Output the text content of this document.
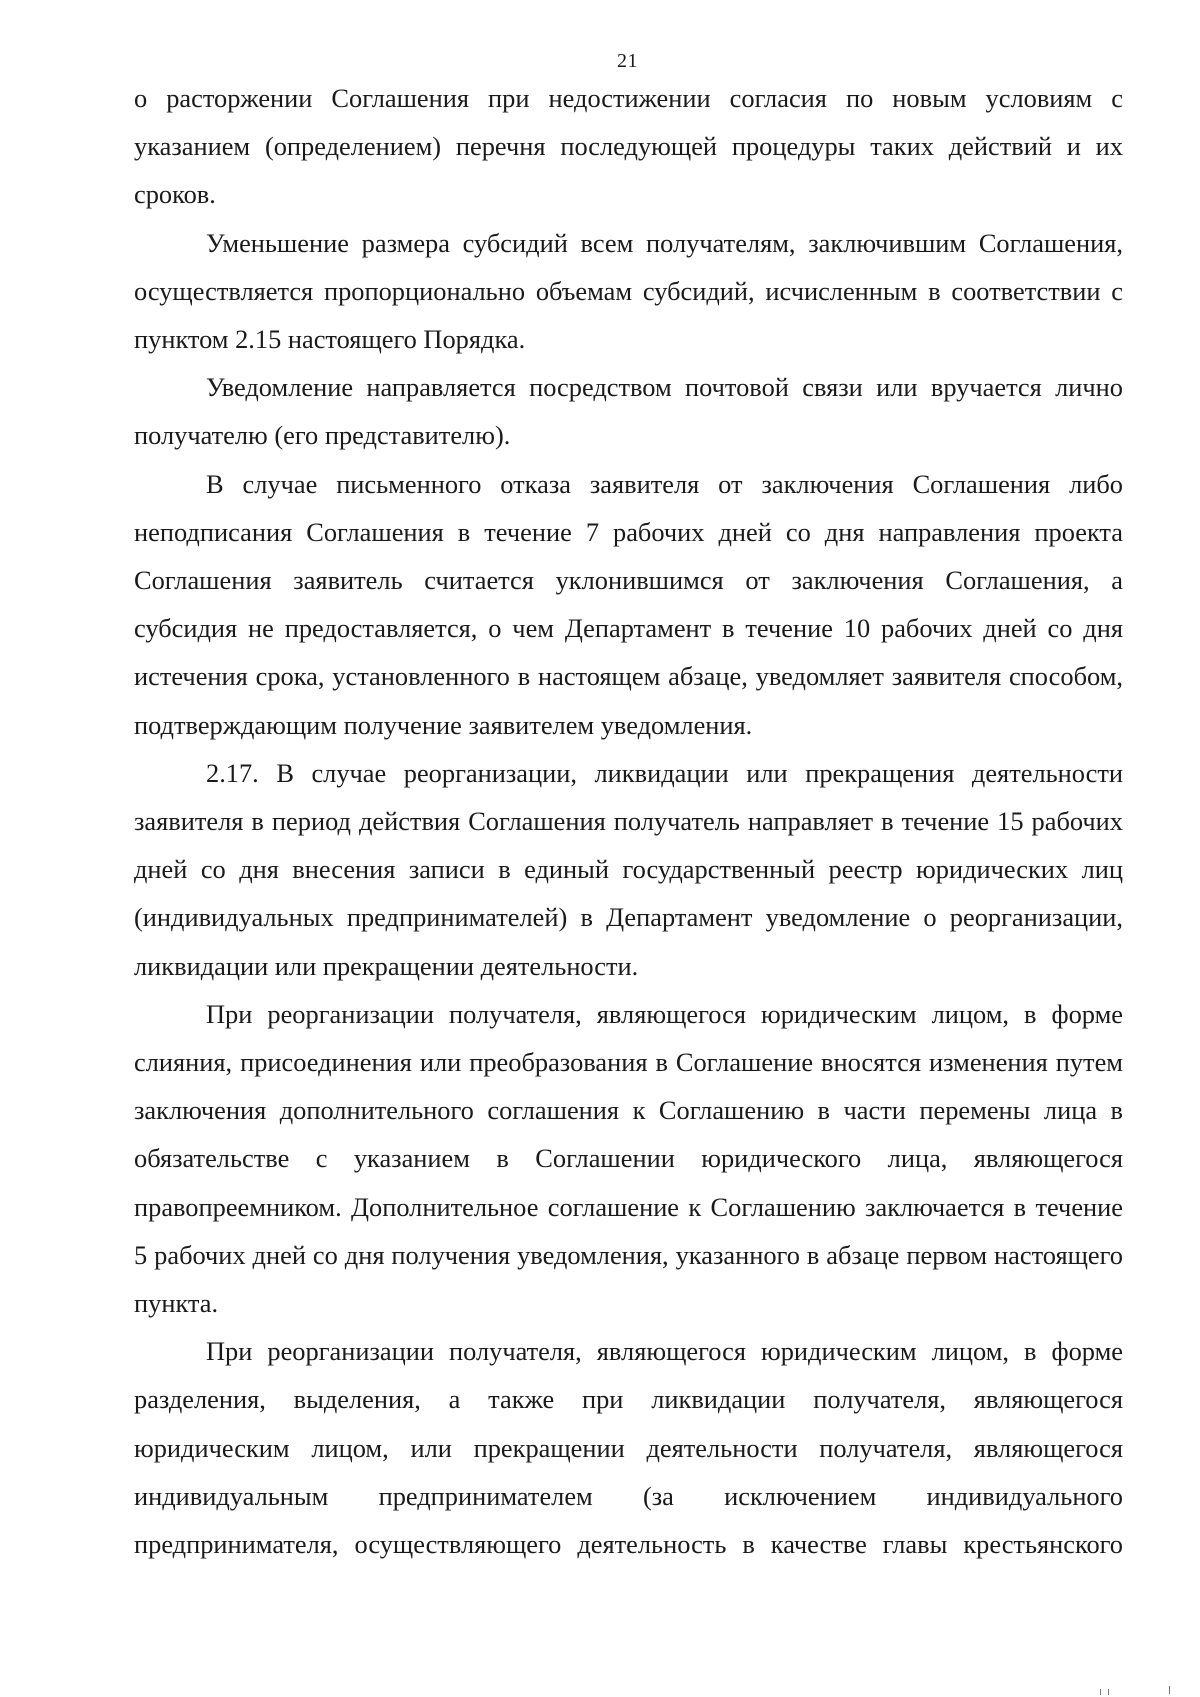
21

о расторжении Соглашения при недостижении согласия по новым условиям с указанием (определением) перечня последующей процедуры таких действий и их сроков.

Уменьшение размера субсидий всем получателям, заключившим Соглашения, осуществляется пропорционально объемам субсидий, исчисленным в соответствии с пунктом 2.15 настоящего Порядка.

Уведомление направляется посредством почтовой связи или вручается лично получателю (его представителю).

В случае письменного отказа заявителя от заключения Соглашения либо неподписания Соглашения в течение 7 рабочих дней со дня направления проекта Соглашения заявитель считается уклонившимся от заключения Соглашения, а субсидия не предоставляется, о чем Департамент в течение 10 рабочих дней со дня истечения срока, установленного в настоящем абзаце, уведомляет заявителя способом, подтверждающим получение заявителем уведомления.

2.17. В случае реорганизации, ликвидации или прекращения деятельности заявителя в период действия Соглашения получатель направляет в течение 15 рабочих дней со дня внесения записи в единый государственный реестр юридических лиц (индивидуальных предпринимателей) в Департамент уведомление о реорганизации, ликвидации или прекращении деятельности.

При реорганизации получателя, являющегося юридическим лицом, в форме слияния, присоединения или преобразования в Соглашение вносятся изменения путем заключения дополнительного соглашения к Соглашению в части перемены лица в обязательстве с указанием в Соглашении юридического лица, являющегося правопреемником. Дополнительное соглашение к Соглашению заключается в течение 5 рабочих дней со дня получения уведомления, указанного в абзаце первом настоящего пункта.

При реорганизации получателя, являющегося юридическим лицом, в форме разделения, выделения, а также при ликвидации получателя, являющегося юридическим лицом, или прекращении деятельности получателя, являющегося индивидуальным предпринимателем (за исключением индивидуального предпринимателя, осуществляющего деятельность в качестве главы крестьянского
